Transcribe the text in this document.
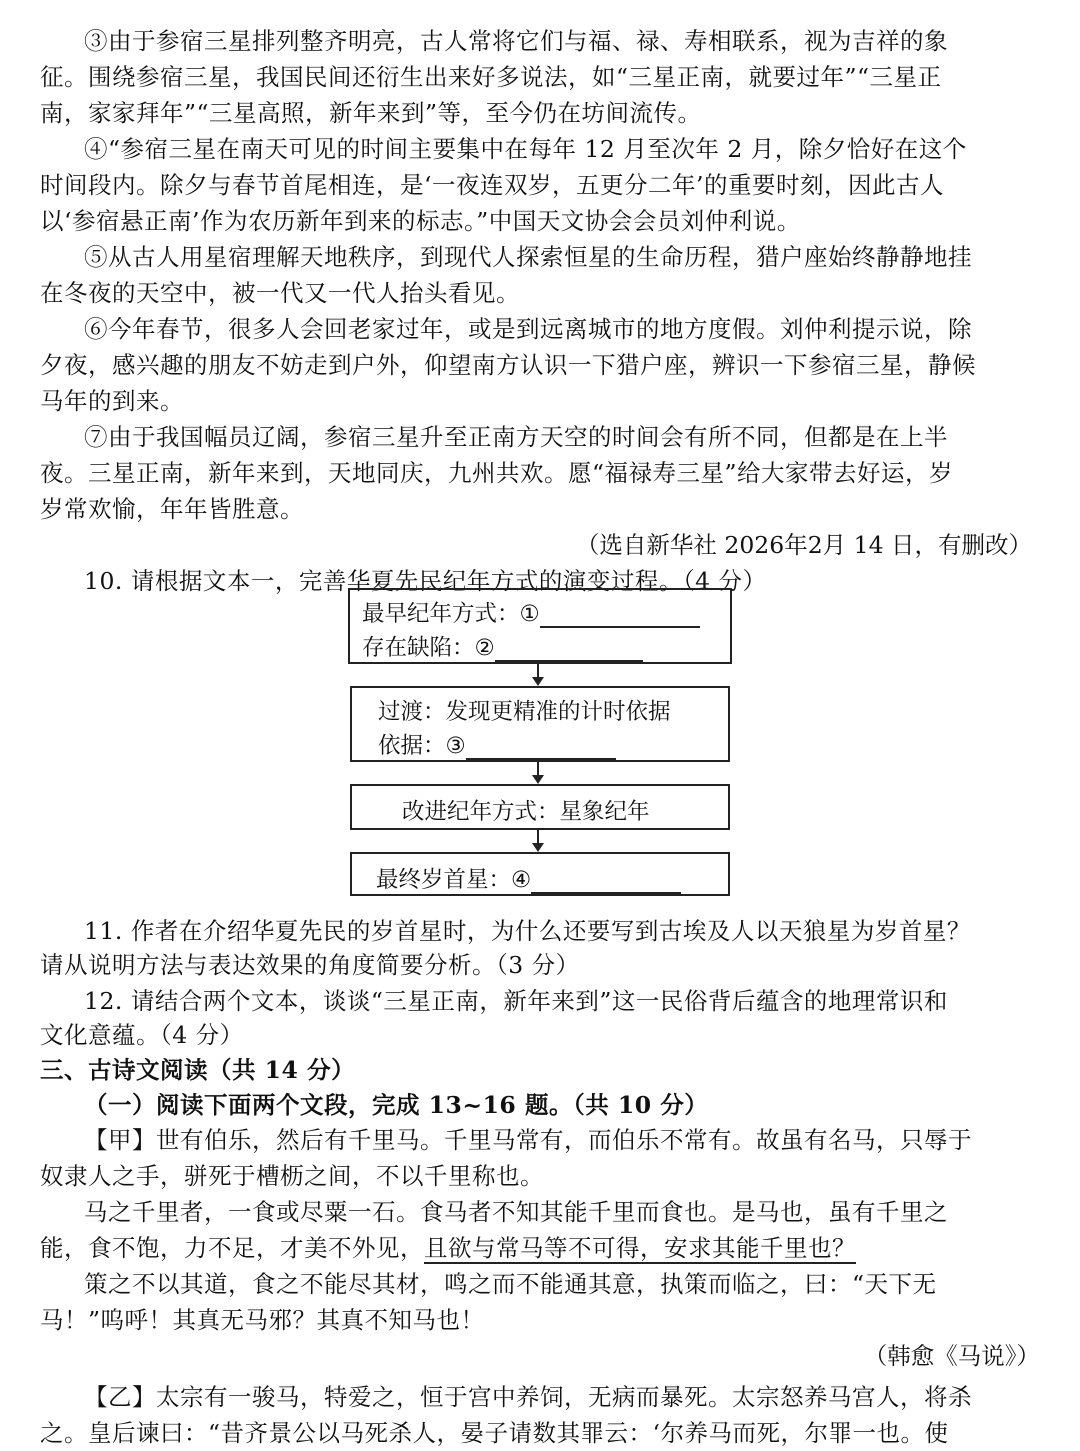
③由于参宿三星排列整齐明亮，古人常将它们与福、禄、寿相联系，视为吉祥的象
征。围绕参宿三星，我国民间还衍生出来好多说法，如“三星正南，就要过年”“三星正
南，家家拜年”“三星高照，新年来到”等，至今仍在坊间流传。
④“参宿三星在南天可见的时间主要集中在每年 12 月至次年 2 月，除夕恰好在这个
时间段内。除夕与春节首尾相连，是‘一夜连双岁，五更分二年’的重要时刻，因此古人
以‘参宿悬正南’作为农历新年到来的标志。”中国天文协会会员刘仲利说。
⑤从古人用星宿理解天地秩序，到现代人探索恒星的生命历程，猎户座始终静静地挂
在冬夜的天空中，被一代又一代人抬头看见。
⑥今年春节，很多人会回老家过年，或是到远离城市的地方度假。刘仲利提示说，除
夕夜，感兴趣的朋友不妨走到户外，仰望南方认识一下猎户座，辨识一下参宿三星，静候
马年的到来。
⑦由于我国幅员辽阔，参宿三星升至正南方天空的时间会有所不同，但都是在上半
夜。三星正南，新年来到，天地同庆，九州共欢。愿“福禄寿三星”给大家带去好运，岁
岁常欢愉，年年皆胜意。
（选自新华社 2026年2月 14 日，有删改）
10. 请根据文本一，完善华夏先民纪年方式的演变过程。（4 分）
最早纪年方式：①
存在缺陷：②
过渡：发现更精准的计时依据
依据：③
改进纪年方式：星象纪年
最终岁首星：④
11. 作者在介绍华夏先民的岁首星时，为什么还要写到古埃及人以天狼星为岁首星？
请从说明方法与表达效果的角度简要分析。（3 分）
12. 请结合两个文本，谈谈“三星正南，新年来到”这一民俗背后蕴含的地理常识和
文化意蕴。（4 分）
三、古诗文阅读（共 14 分）
（一）阅读下面两个文段，完成 13~16 题。（共 10 分）
【甲】世有伯乐，然后有千里马。千里马常有，而伯乐不常有。故虽有名马，只辱于
奴隶人之手，骈死于槽枥之间，不以千里称也。
马之千里者，一食或尽粟一石。食马者不知其能千里而食也。是马也，虽有千里之
能，食不饱，力不足，才美不外见，且欲与常马等不可得，安求其能千里也？
策之不以其道，食之不能尽其材，鸣之而不能通其意，执策而临之，曰：“天下无
马！”呜呼！其真无马邪？其真不知马也！
（韩愈《马说》）
【乙】太宗有一骏马，特爱之，恒于宫中养饲，无病而暴死。太宗怒养马宫人，将杀
之。皇后谏曰：“昔齐景公以马死杀人，晏子请数其罪云：‘尔养马而死，尔罪一也。使
